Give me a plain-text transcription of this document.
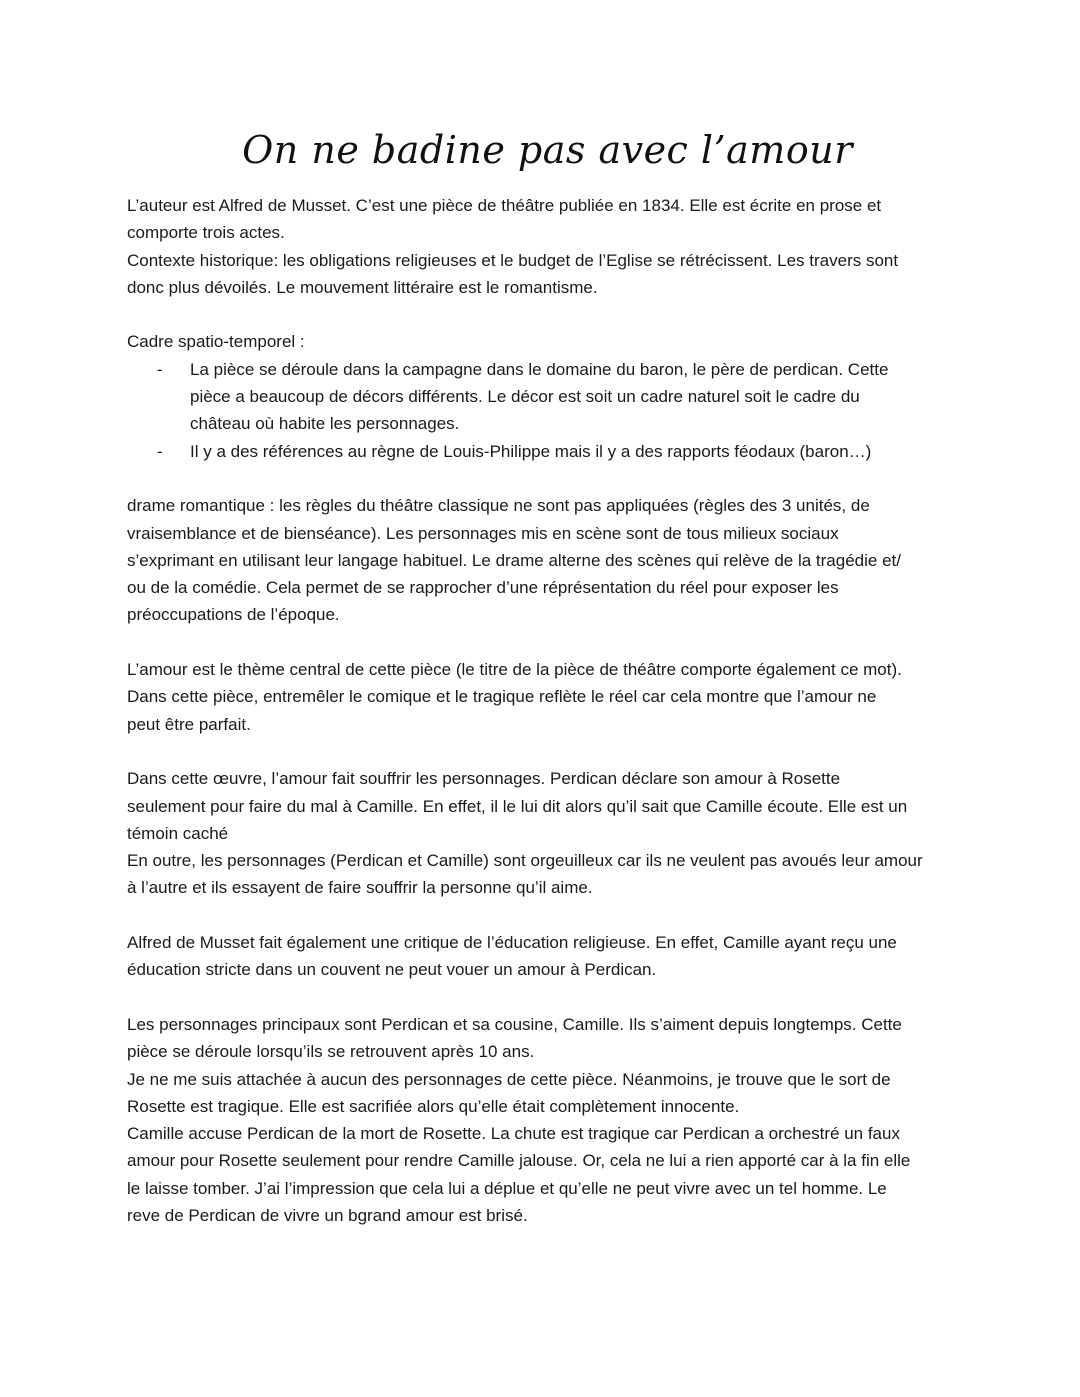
On ne badine pas avec l’amour
L’auteur est Alfred de Musset. C’est une pièce de théâtre publiée en 1834. Elle est écrite en prose et
comporte trois actes.
Contexte historique: les obligations religieuses et le budget de l’Eglise se rétrécissent. Les travers sont
donc plus dévoilés. Le mouvement littéraire est le romantisme.
Cadre spatio-temporel :
- La pièce se déroule dans la campagne dans le domaine du baron, le père de perdican. Cette
pièce a beaucoup de décors différents. Le décor est soit un cadre naturel soit le cadre du
château où habite les personnages.
- Il y a des références au règne de Louis-Philippe mais il y a des rapports féodaux (baron…)
drame romantique : les règles du théâtre classique ne sont pas appliquées (règles des 3 unités, de
vraisemblance et de bienséance). Les personnages mis en scène sont de tous milieux sociaux
s’exprimant en utilisant leur langage habituel. Le drame alterne des scènes qui relève de la tragédie et/
ou de la comédie. Cela permet de se rapprocher d’une réprésentation du réel pour exposer les
préoccupations de l’époque.
L’amour est le thème central de cette pièce (le titre de la pièce de théâtre comporte également ce mot).
Dans cette pièce, entremêler le comique et le tragique reflète le réel car cela montre que l’amour ne
peut être parfait.
Dans cette œuvre, l’amour fait souffrir les personnages. Perdican déclare son amour à Rosette
seulement pour faire du mal à Camille. En effet, il le lui dit alors qu’il sait que Camille écoute. Elle est un
témoin caché
En outre, les personnages (Perdican et Camille) sont orgeuilleux car ils ne veulent pas avoués leur amour
à l’autre et ils essayent de faire souffrir la personne qu’il aime.
Alfred de Musset fait également une critique de l’éducation religieuse. En effet, Camille ayant reçu une
éducation stricte dans un couvent ne peut vouer un amour à Perdican.
Les personnages principaux sont Perdican et sa cousine, Camille. Ils s’aiment depuis longtemps. Cette
pièce se déroule lorsqu’ils se retrouvent après 10 ans.
Je ne me suis attachée à aucun des personnages de cette pièce. Néanmoins, je trouve que le sort de
Rosette est tragique. Elle est sacrifiée alors qu’elle était complètement innocente.
Camille accuse Perdican de la mort de Rosette. La chute est tragique car Perdican a orchestré un faux
amour pour Rosette seulement pour rendre Camille jalouse. Or, cela ne lui a rien apporté car à la fin elle
le laisse tomber. J’ai l’impression que cela lui a déplue et qu’elle ne peut vivre avec un tel homme. Le
reve de Perdican de vivre un bgrand amour est brisé.
